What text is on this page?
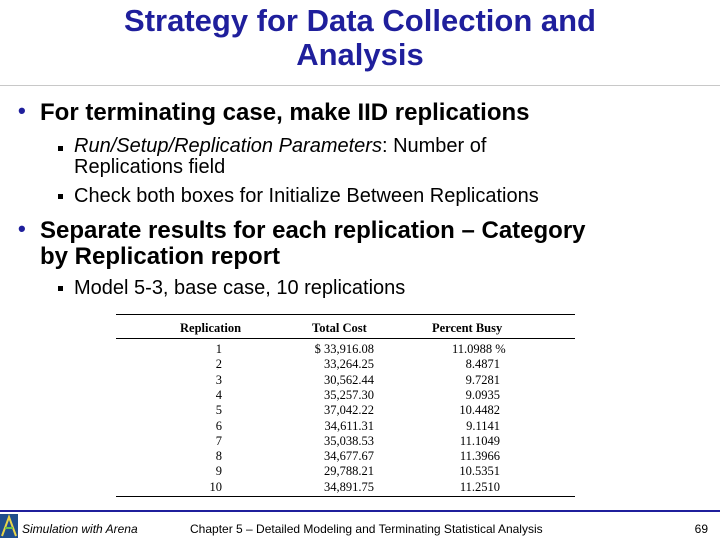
Strategy for Data Collection and
Analysis
• For terminating case, make IID replications
Run/Setup/Replication Parameters: Number of
Replications field
Check both boxes for Initialize Between Replications
• Separate results for each replication – Category
by Replication report
Model 5-3, base case, 10 replications
Replication	Total Cost	Percent Busy
1	$ 33,916.08	11.0988 %
2	33,264.25	8.4871
3	30,562.44	9.7281
4	35,257.30	9.0935
5	37,042.22	10.4482
6	34,611.31	9.1141
7	35,038.53	11.1049
8	34,677.67	11.3966
9	29,788.21	10.5351
10	34,891.75	11.2510
Simulation with Arena	Chapter 5 – Detailed Modeling and Terminating Statistical Analysis	69
